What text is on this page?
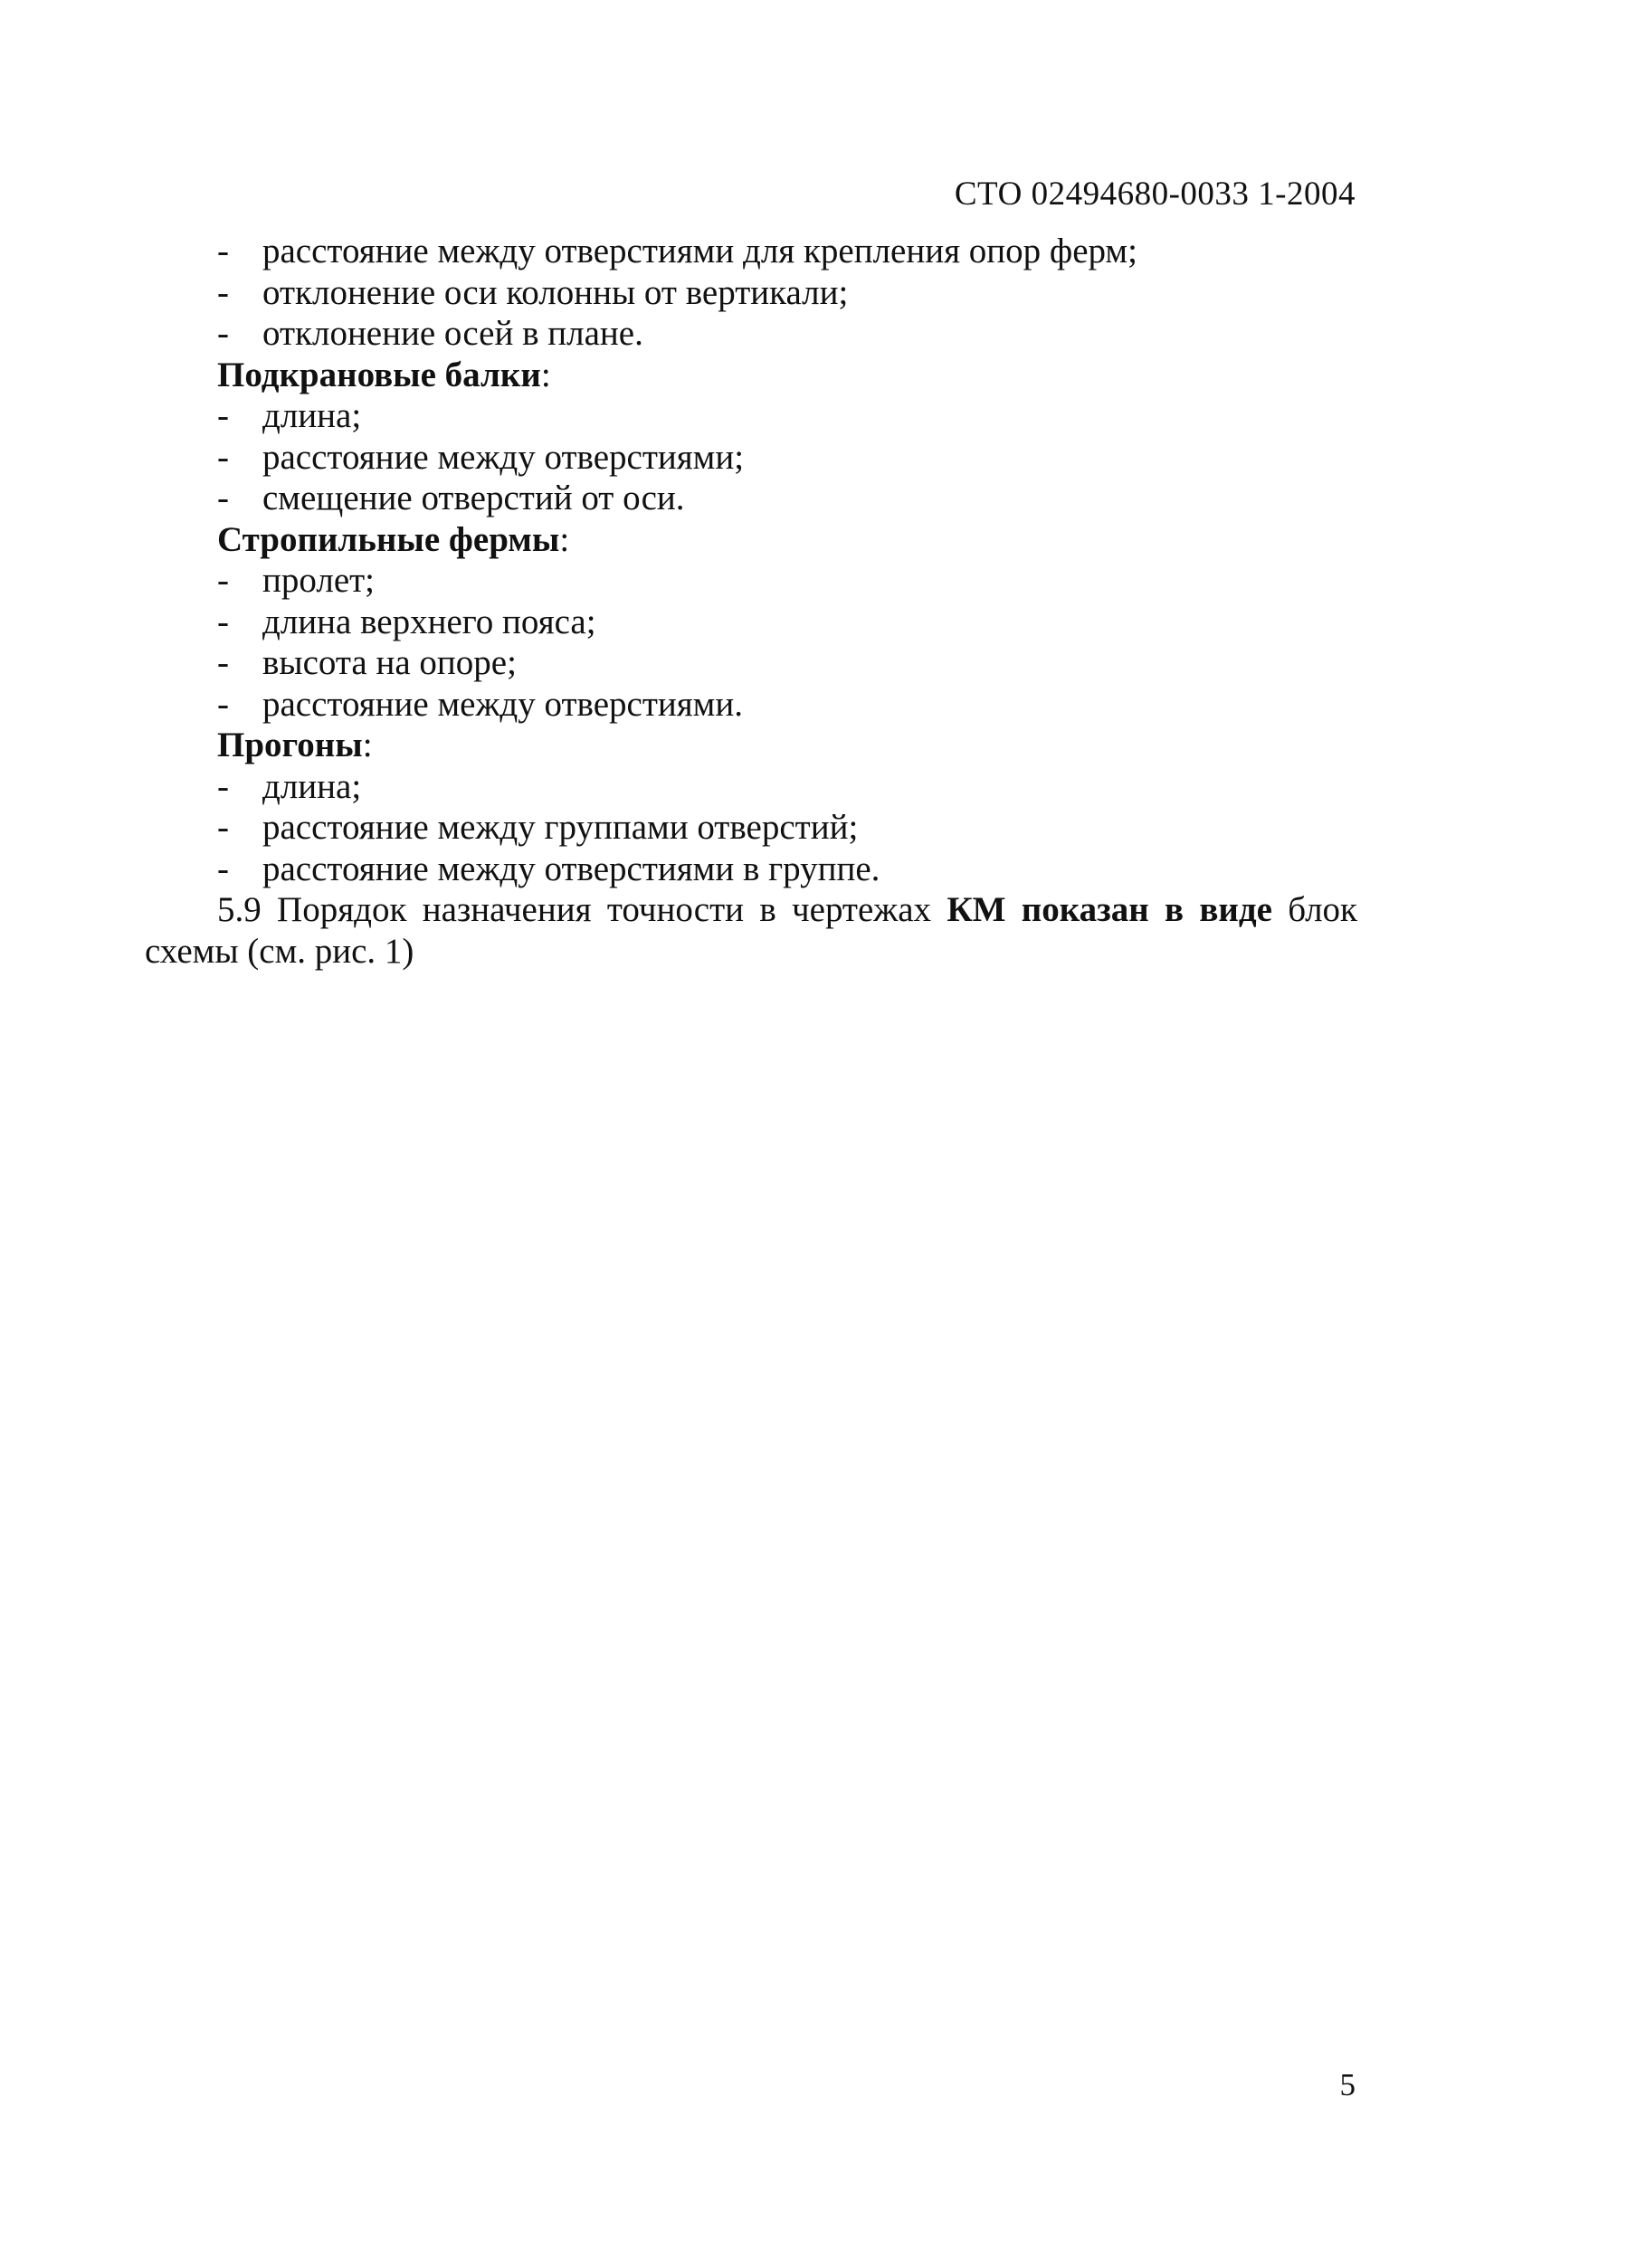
СТО 02494680-0033 1-2004
- расстояние между отверстиями для крепления опор ферм;
- отклонение оси колонны от вертикали;
- отклонение осей в плане.
Подкрановые балки:
- длина;
- расстояние между отверстиями;
- смещение отверстий от оси.
Стропильные фермы:
- пролет;
- длина верхнего пояса;
- высота на опоре;
- расстояние между отверстиями.
Прогоны:
- длина;
- расстояние между группами отверстий;
- расстояние между отверстиями в группе.
5.9 Порядок назначения точности в чертежах КМ показан в виде блок схемы (см. рис. 1)
5
